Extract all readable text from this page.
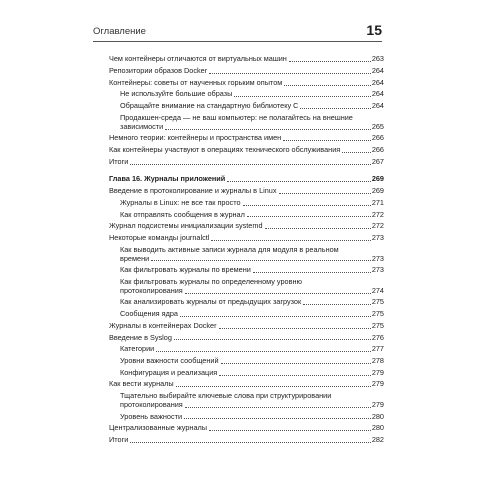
Оглавление	15
Чем контейнеры отличаются от виртуальных машин	263
Репозитории образов Docker	264
Контейнеры: советы от наученных горьким опытом	264
Не используйте большие образы	264
Обращайте внимание на стандартную библиотеку C	264
Продакшен-среда — не ваш компьютер: не полагайтесь на внешние
зависимости	265
Немного теории: контейнеры и пространства имен	266
Как контейнеры участвуют в операциях технического обслуживания	266
Итоги	267
Глава 16. Журналы приложений	269
Введение в протоколирование и журналы в Linux	269
Журналы в Linux: не все так просто	271
Как отправлять сообщения в журнал	272
Журнал подсистемы инициализации systemd	272
Некоторые команды journalctl	273
Как выводить активные записи журнала для модуля в реальном
времени	273
Как фильтровать журналы по времени	273
Как фильтровать журналы по определенному уровню
протоколирования	274
Как анализировать журналы от предыдущих загрузок	275
Сообщения ядра	275
Журналы в контейнерах Docker	275
Введение в Syslog	276
Категории	277
Уровни важности сообщений	278
Конфигурация и реализация	279
Как вести журналы	279
Тщательно выбирайте ключевые слова при структурировании
протоколирования	279
Уровень важности	280
Централизованные журналы	280
Итоги	282
